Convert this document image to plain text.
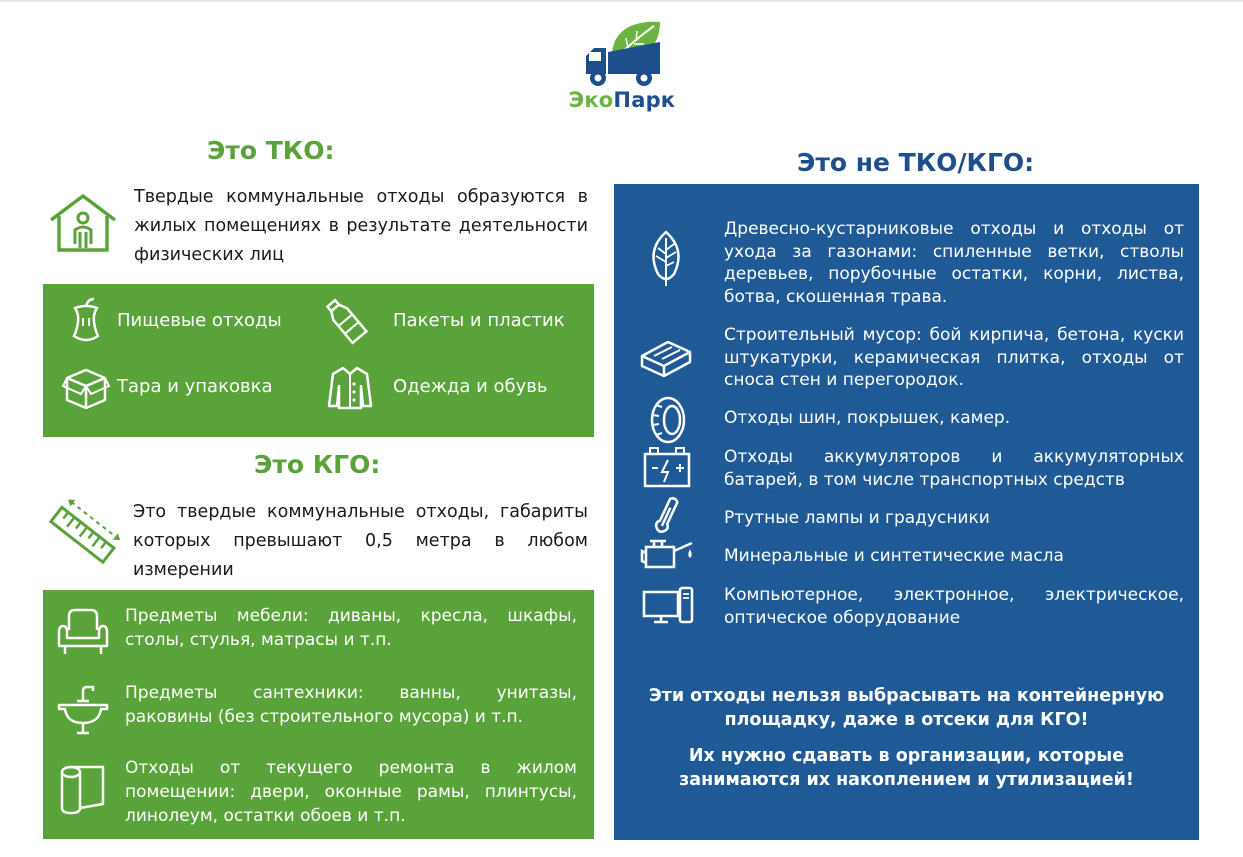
ЭкоПарк
Это ТКО:
Твердые коммунальные отходы образуются в жилых помещениях в результате деятельности физических лиц
Пищевые отходы	Пакеты и пластик
Тара и упаковка	Одежда и обувь
Это КГО:
Это твердые коммунальные отходы, габариты которых превышают 0,5 метра в любом измерении
Предметы мебели: диваны, кресла, шкафы, столы, стулья, матрасы и т.п.
Предметы сантехники: ванны, унитазы, раковины (без строительного мусора) и т.п.
Отходы от текущего ремонта в жилом помещении: двери, оконные рамы, плинтусы, линолеум, остатки обоев и т.п.
Это не ТКО/КГО:
Древесно-кустарниковые отходы и отходы от ухода за газонами: спиленные ветки, стволы деревьев, порубочные остатки, корни, листва, ботва, скошенная трава.
Строительный мусор: бой кирпича, бетона, куски штукатурки, керамическая плитка, отходы от сноса стен и перегородок.
Отходы шин, покрышек, камер.
Отходы аккумуляторов и аккумуляторных батарей, в том числе транспортных средств
Ртутные лампы и градусники
Минеральные и синтетические масла
Компьютерное, электронное, электрическое, оптическое оборудование
Эти отходы нельзя выбрасывать на контейнерную площадку, даже в отсеки для КГО!
Их нужно сдавать в организации, которые занимаются их накоплением и утилизацией!
